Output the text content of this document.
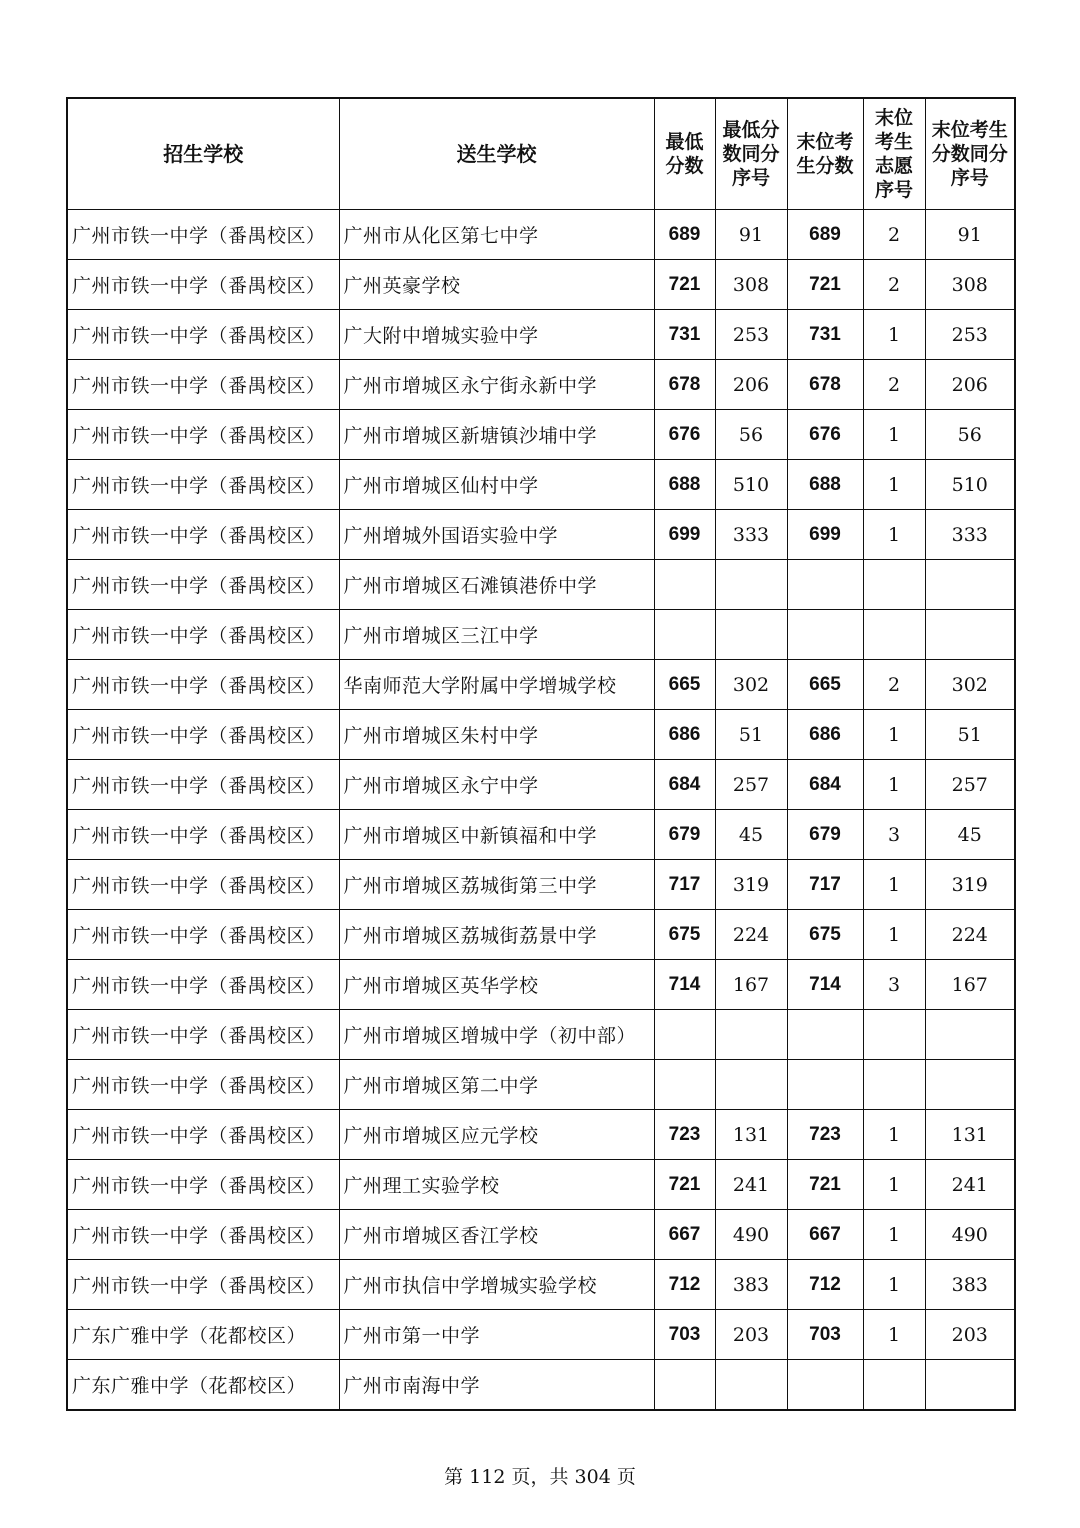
招生学校	送生学校	最低分数	最低分数同分序号	末位考生分数	末位考生志愿序号	末位考生分数同分序号
广州市铁一中学（番禺校区）	广州市从化区第七中学	689	91	689	2	91
广州市铁一中学（番禺校区）	广州英豪学校	721	308	721	2	308
广州市铁一中学（番禺校区）	广大附中增城实验中学	731	253	731	1	253
广州市铁一中学（番禺校区）	广州市增城区永宁街永新中学	678	206	678	2	206
广州市铁一中学（番禺校区）	广州市增城区新塘镇沙埔中学	676	56	676	1	56
广州市铁一中学（番禺校区）	广州市增城区仙村中学	688	510	688	1	510
广州市铁一中学（番禺校区）	广州增城外国语实验中学	699	333	699	1	333
广州市铁一中学（番禺校区）	广州市增城区石滩镇港侨中学					
广州市铁一中学（番禺校区）	广州市增城区三江中学					
广州市铁一中学（番禺校区）	华南师范大学附属中学增城学校	665	302	665	2	302
广州市铁一中学（番禺校区）	广州市增城区朱村中学	686	51	686	1	51
广州市铁一中学（番禺校区）	广州市增城区永宁中学	684	257	684	1	257
广州市铁一中学（番禺校区）	广州市增城区中新镇福和中学	679	45	679	3	45
广州市铁一中学（番禺校区）	广州市增城区荔城街第三中学	717	319	717	1	319
广州市铁一中学（番禺校区）	广州市增城区荔城街荔景中学	675	224	675	1	224
广州市铁一中学（番禺校区）	广州市增城区英华学校	714	167	714	3	167
广州市铁一中学（番禺校区）	广州市增城区增城中学（初中部）					
广州市铁一中学（番禺校区）	广州市增城区第二中学					
广州市铁一中学（番禺校区）	广州市增城区应元学校	723	131	723	1	131
广州市铁一中学（番禺校区）	广州理工实验学校	721	241	721	1	241
广州市铁一中学（番禺校区）	广州市增城区香江学校	667	490	667	1	490
广州市铁一中学（番禺校区）	广州市执信中学增城实验学校	712	383	712	1	383
广东广雅中学（花都校区）	广州市第一中学	703	203	703	1	203
广东广雅中学（花都校区）	广州市南海中学					
第 112 页，共 304 页
